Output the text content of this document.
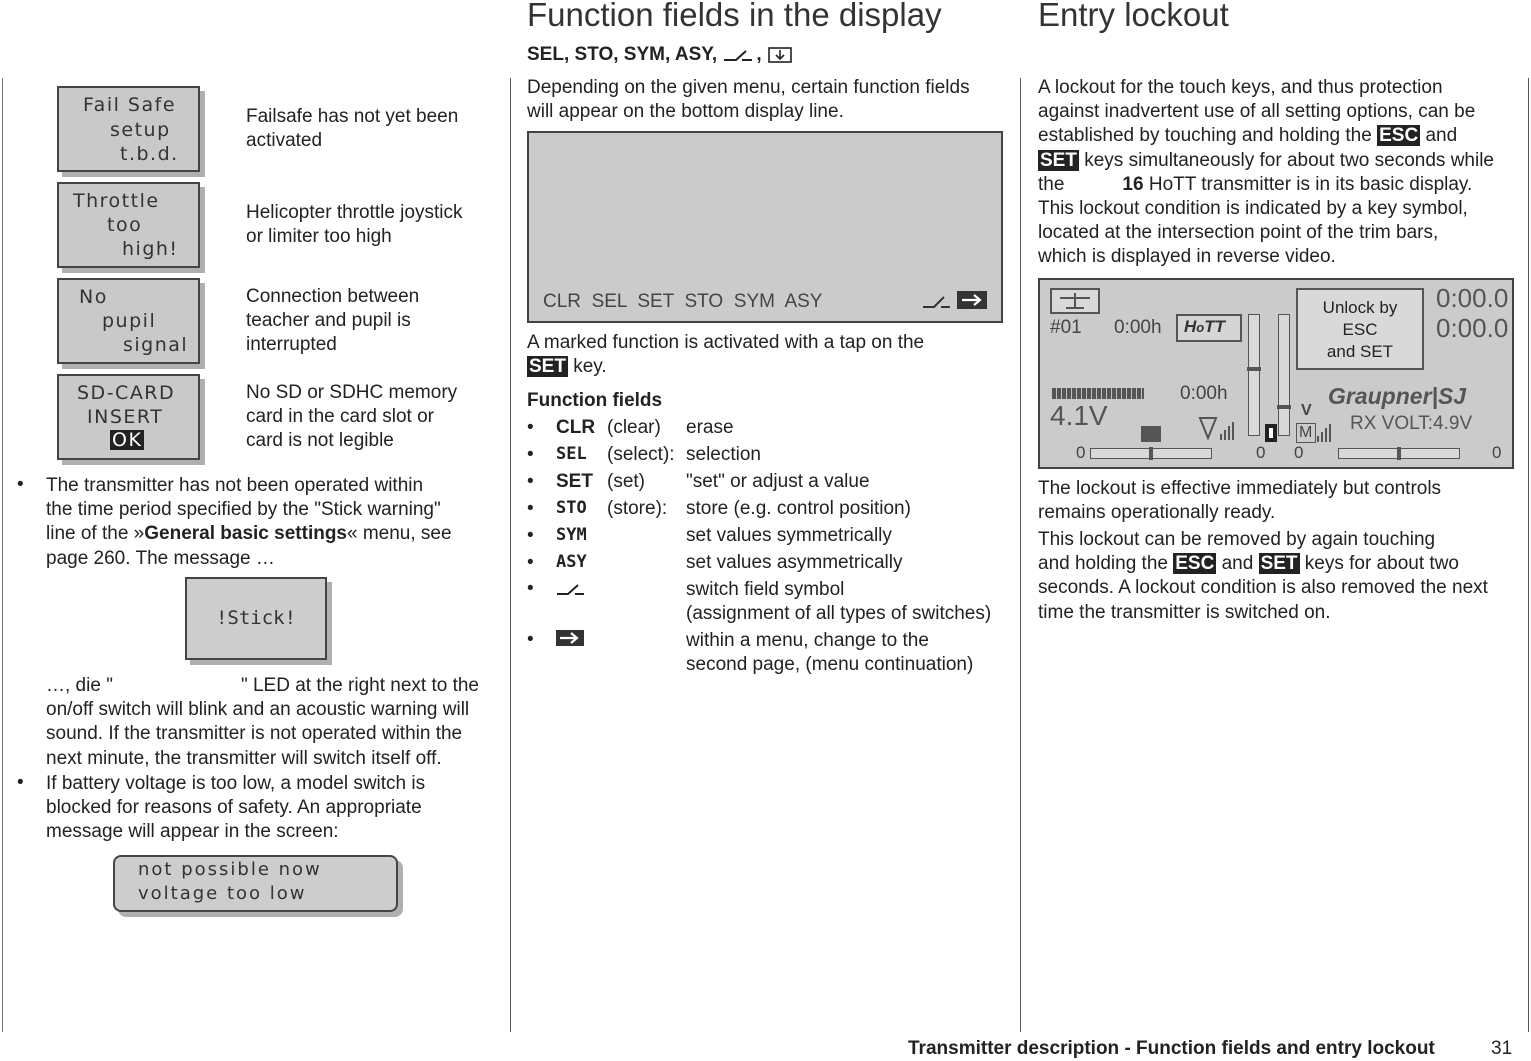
Function fields in the display	Entry lockout
SEL, STO, SYM, ASY, ,
Fail Safe
setup
t.b.d.
Failsafe has not yet been
activated
Throttle
too
high!
Helicopter throttle joystick
or limiter too high
No
pupil
signal
Connection between
teacher and pupil is
interrupted
SD-CARD
INSERT
OK
No SD or SDHC memory
card in the card slot or
card is not legible
• The transmitter has not been operated within
the time period specified by the "Stick warning"
line of the »General basic settings« menu, see
page 260. The message …
!Stick!
…, die "	" LED at the right next to the
on/off switch will blink and an acoustic warning will
sound. If the transmitter is not operated within the
next minute, the transmitter will switch itself off.
• If battery voltage is too low, a model switch is
blocked for reasons of safety. An appropriate
message will appear in the screen:
not possible now
voltage too low
Depending on the given menu, certain function fields
will appear on the bottom display line.
CLR  SEL  SET  STO  SYM  ASY
A marked function is activated with a tap on the
SET key.
Function fields
• CLR (clear) erase
• SEL (select): selection
• SET (set) "set" or adjust a value
• STO (store): store (e.g. control position)
• SYM	set values symmetrically
• ASY	set values asymmetrically
•	switch field symbol
(assignment of all types of switches)
•	within a menu, change to the
second page, (menu continuation)
A lockout for the touch keys, and thus protection
against inadvertent use of all setting options, can be
established by touching and holding the ESC and
SET keys simultaneously for about two seconds while
the	16 HoTT transmitter is in its basic display.
This lockout condition is indicated by a key symbol,
located at the intersection point of the trim bars,
which is displayed in reverse video.
#01 0:00h HoTT
0:00h
4.1V	V
M
Unlock by
ESC
and SET
0:00.0
0:00.0
Graupner|SJ
RX VOLT:4.9V
0	0 0	0
The lockout is effective immediately but controls
remains operationally ready.
This lockout can be removed by again touching
and holding the ESC and SET keys for about two
seconds. A lockout condition is also removed the next
time the transmitter is switched on.
Transmitter description - Function fields and entry lockout	31
